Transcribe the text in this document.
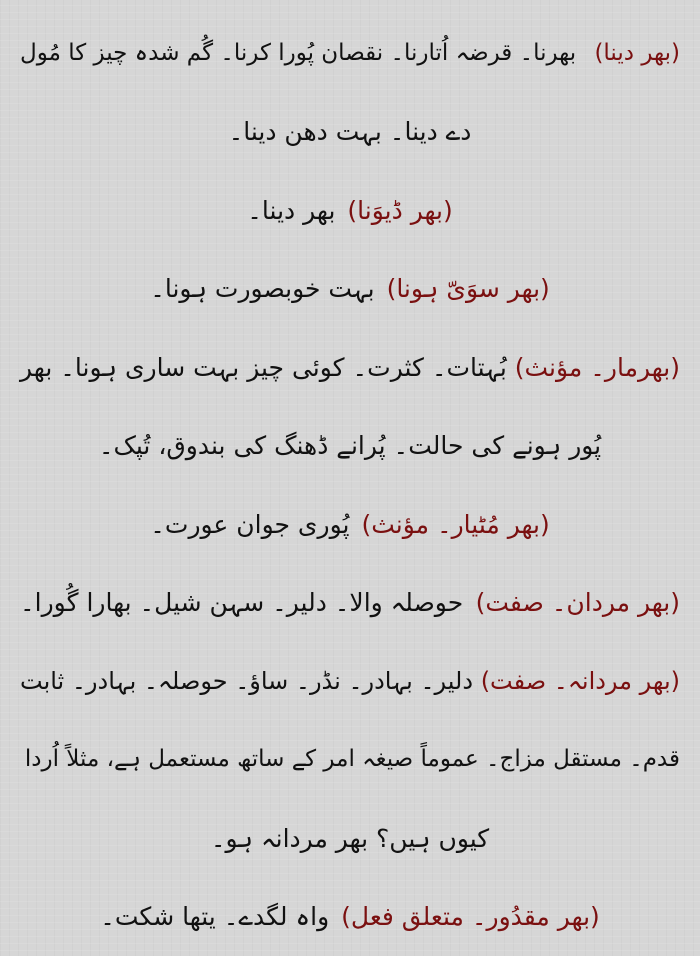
(بھر دینا)
بھرنا۔ قرضہ اُتارنا۔ نقصان پُورا کرنا۔ گُم شدہ چیز کا مُول
دے دینا۔ بہت دھن دینا۔
(بھر ڈیوَنا)
بھر دینا۔
(بھر سوَیّ ہونا)
بہت خوبصورت ہونا۔
(بھرمار۔ مؤنث)
بُہتات۔ کثرت۔ کوئی چیز بہت ساری ہونا۔ بھر
پُور ہونے کی حالت۔ پُرانے ڈھنگ کی بندوق، تُپک۔
(بھر مُٹیار۔ مؤنث)
پُوری جوان عورت۔
(بھر مردان۔ صفت)
حوصلہ والا۔ دلیر۔ سہن شیل۔ بھارا گُورا۔
(بھر مردانہ۔ صفت)
دلیر۔ بہادر۔ نڈر۔ ساؤ۔ حوصلہ۔ بہادر۔ ثابت
قدم۔ مستقل مزاج۔ عموماً صیغہ امر کے ساتھ مستعمل ہے، مثلاً اُردا
کیوں ہیں؟ بھر مردانہ ہو۔
(بھر مقدُور۔ متعلق فعل)
واہ لگدے۔ یتھا شکت۔
